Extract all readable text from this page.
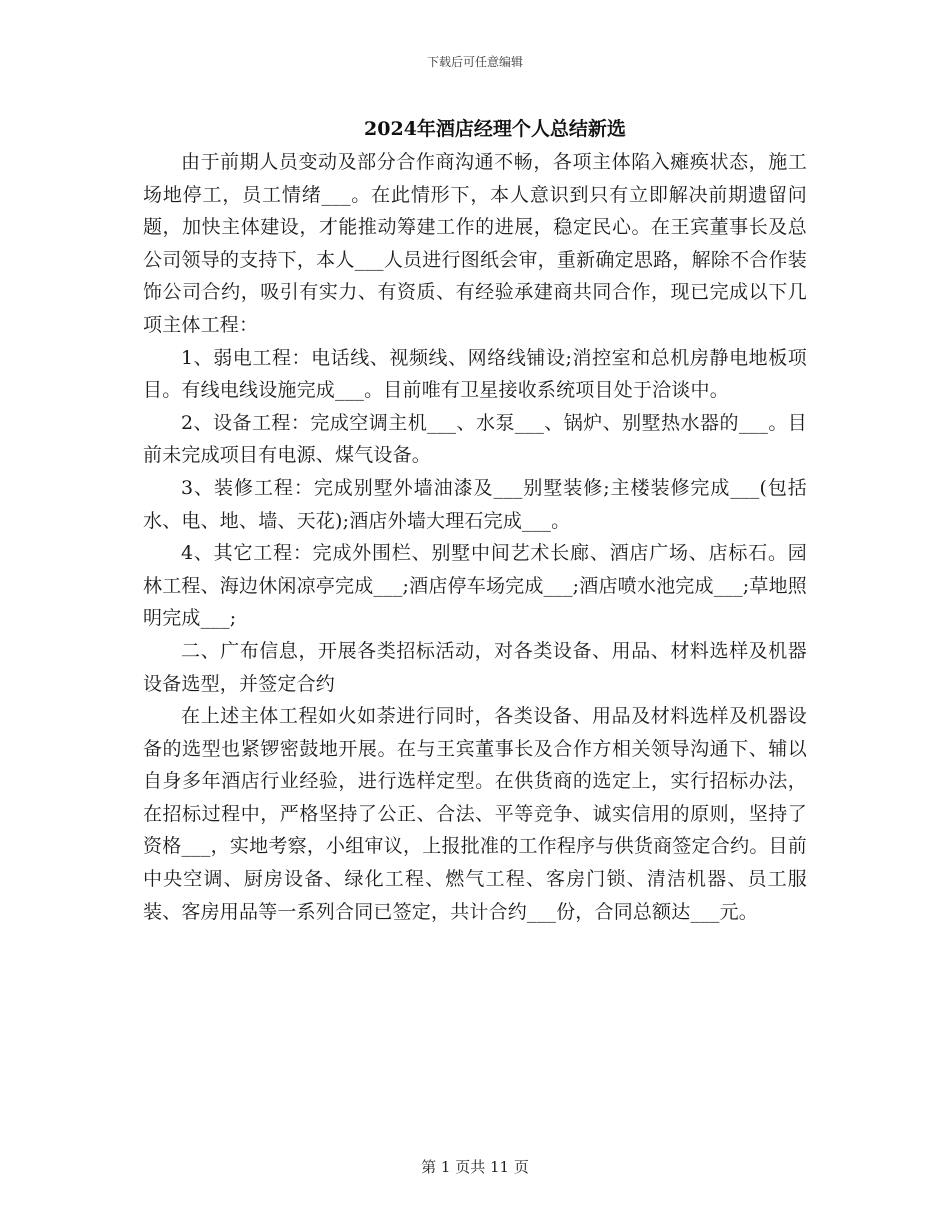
下载后可任意编辑
2024年酒店经理个人总结新选

由于前期人员变动及部分合作商沟通不畅，各项主体陷入瘫痪状态，施工场地停工，员工情绪___。在此情形下，本人意识到只有立即解决前期遗留问题，加快主体建设，才能推动筹建工作的进展，稳定民心。在王宾董事长及总公司领导的支持下，本人___人员进行图纸会审，重新确定思路，解除不合作装饰公司合约，吸引有实力、有资质、有经验承建商共同合作，现已完成以下几项主体工程：

1、弱电工程：电话线、视频线、网络线铺设;消控室和总机房静电地板项目。有线电线设施完成___。目前唯有卫星接收系统项目处于洽谈中。

2、设备工程：完成空调主机___、水泵___、锅炉、别墅热水器的___。目前未完成项目有电源、煤气设备。

3、装修工程：完成别墅外墙油漆及___别墅装修;主楼装修完成___(包括水、电、地、墙、天花);酒店外墙大理石完成___。

4、其它工程：完成外围栏、别墅中间艺术长廊、酒店广场、店标石。园林工程、海边休闲凉亭完成___;酒店停车场完成___;酒店喷水池完成___;草地照明完成___;

二、广布信息，开展各类招标活动，对各类设备、用品、材料选样及机器设备选型，并签定合约

在上述主体工程如火如荼进行同时，各类设备、用品及材料选样及机器设备的选型也紧锣密鼓地开展。在与王宾董事长及合作方相关领导沟通下、辅以自身多年酒店行业经验，进行选样定型。在供货商的选定上，实行招标办法，在招标过程中，严格坚持了公正、合法、平等竞争、诚实信用的原则，坚持了资格___，实地考察，小组审议，上报批准的工作程序与供货商签定合约。目前中央空调、厨房设备、绿化工程、燃气工程、客房门锁、清洁机器、员工服装、客房用品等一系列合同已签定，共计合约___份，合同总额达___元。

第 1 页共 11 页
